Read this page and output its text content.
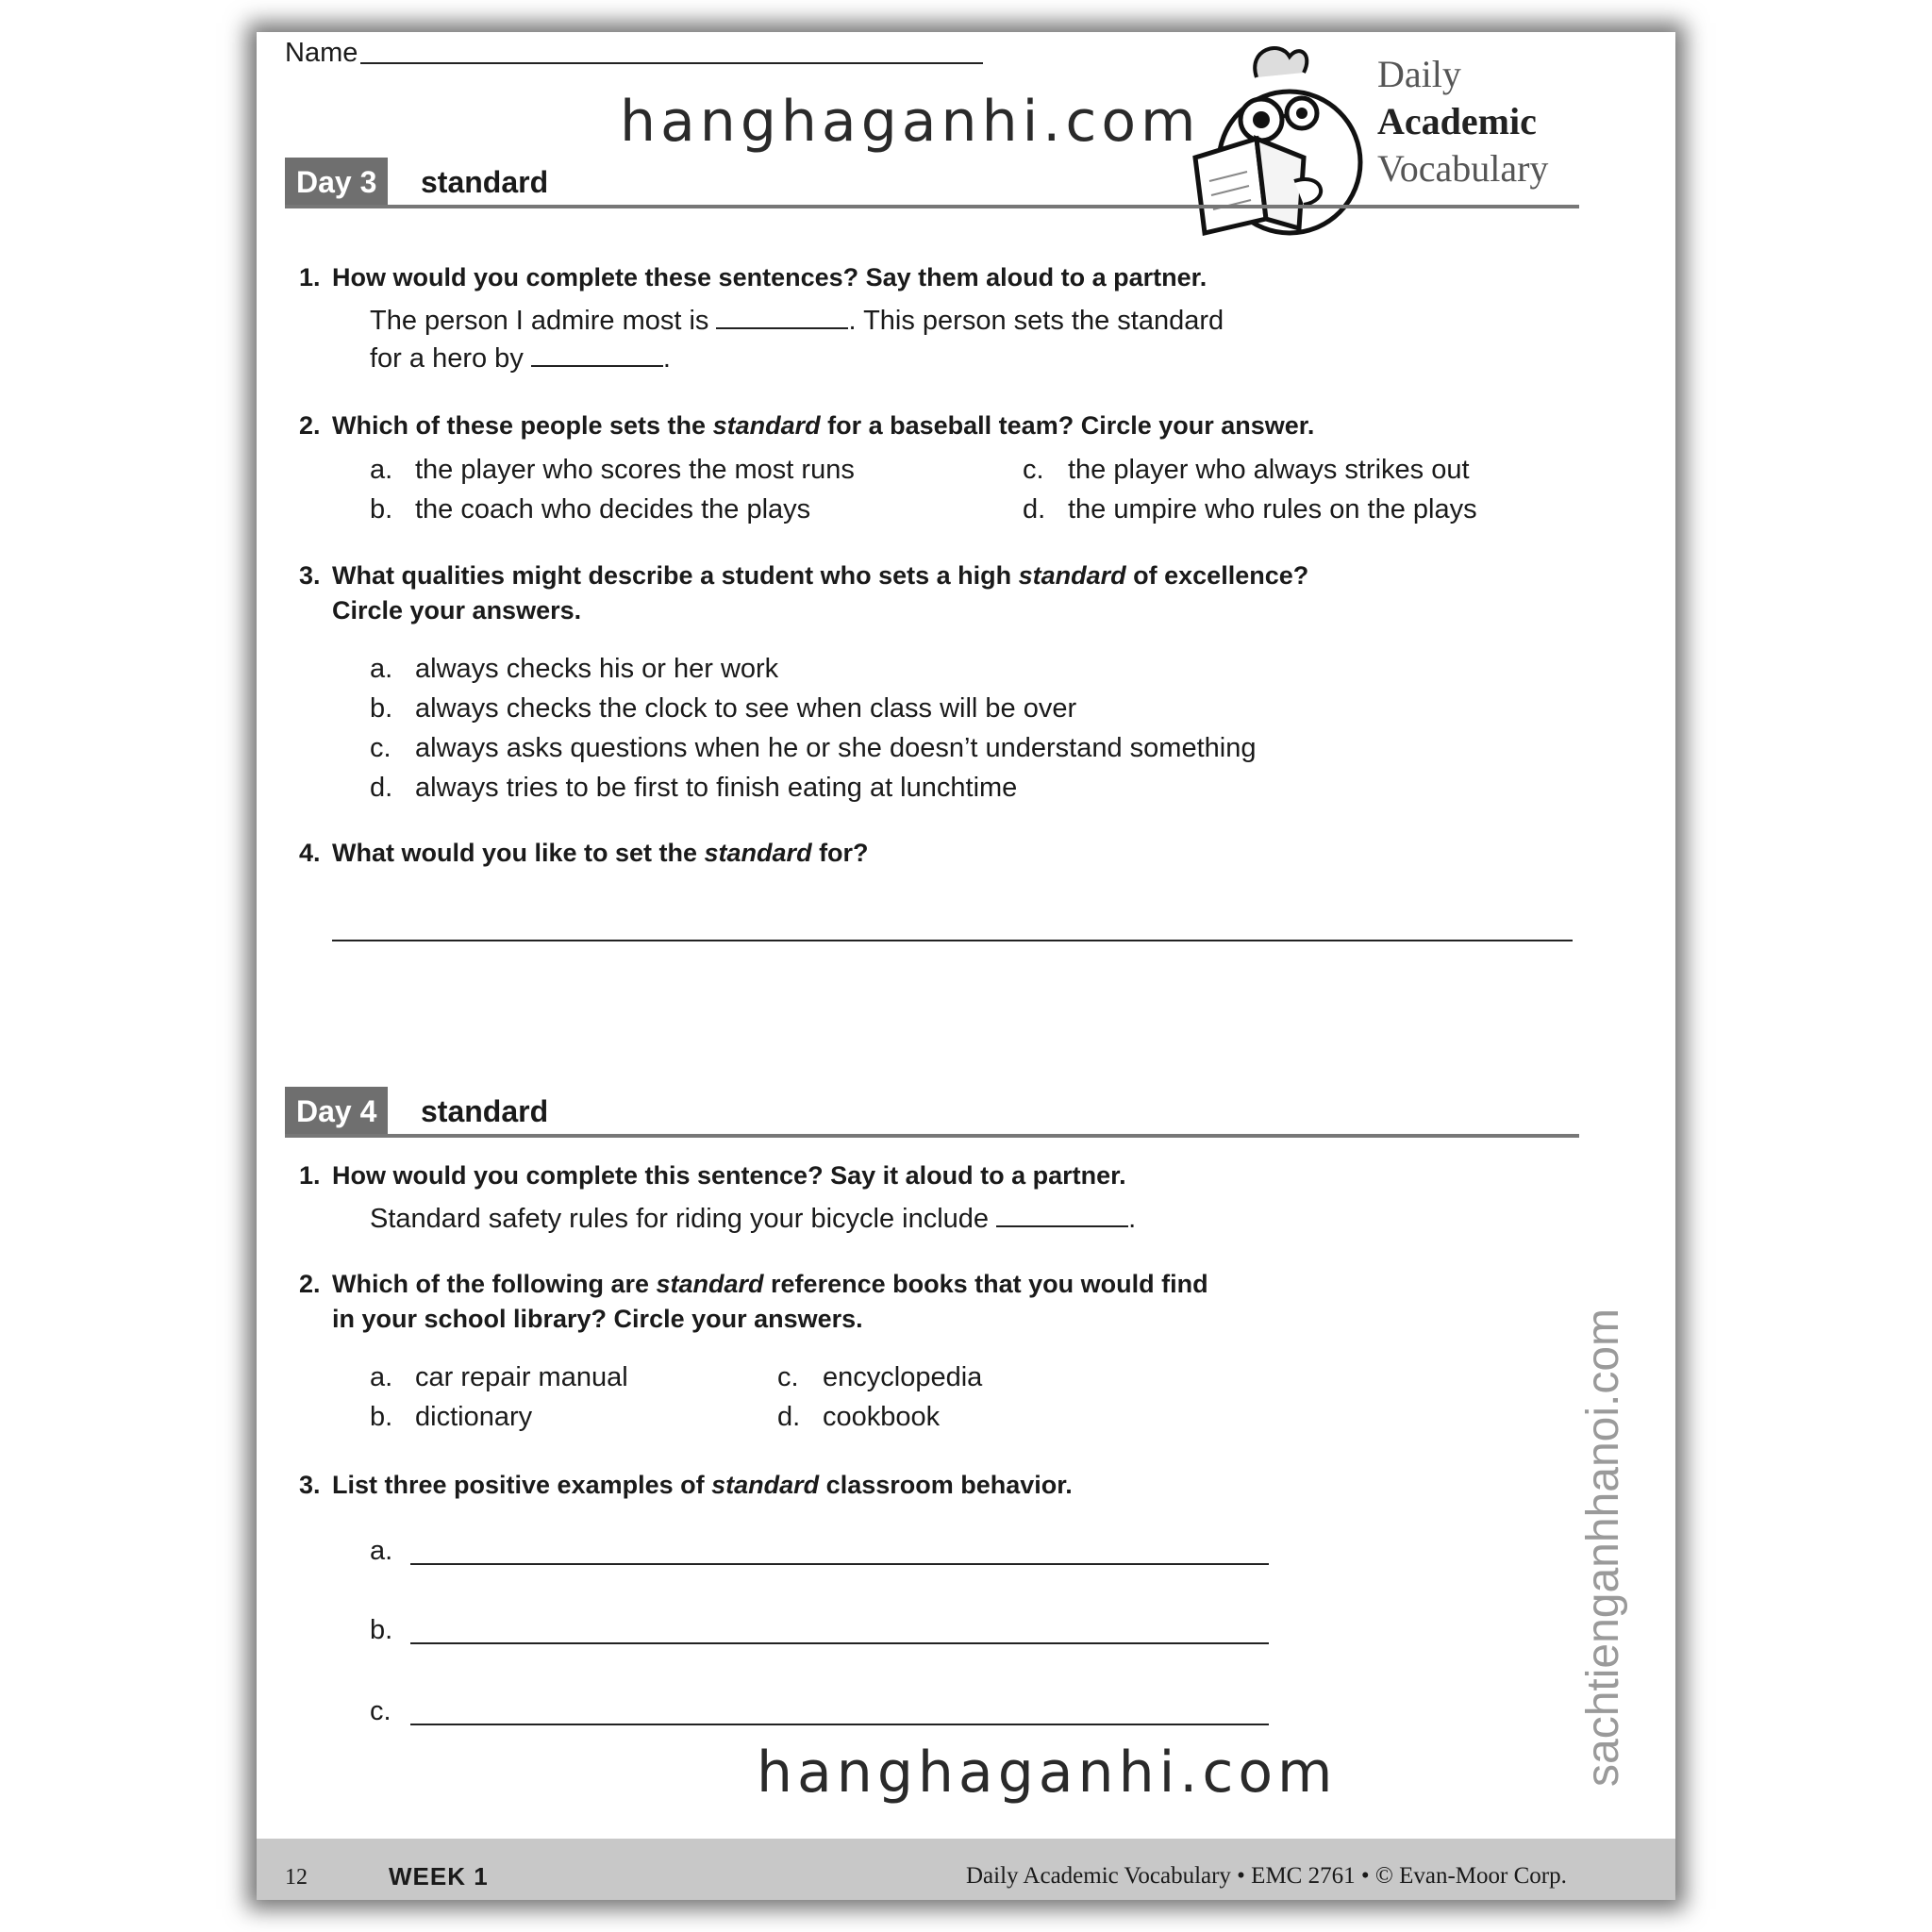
Name
hanghaganhi.com
Daily
Academic
Vocabulary
Day 3	standard
1. How would you complete these sentences? Say them aloud to a partner.
The person I admire most is	. This person sets the standard
for a hero by	.
2. Which of these people sets the standard for a baseball team? Circle your answer.
a. the player who scores the most runs
b. the coach who decides the plays
c. the player who always strikes out
d. the umpire who rules on the plays
3. What qualities might describe a student who sets a high standard of excellence?
Circle your answers.
a. always checks his or her work
b. always checks the clock to see when class will be over
c. always asks questions when he or she doesn’t understand something
d. always tries to be first to finish eating at lunchtime
4. What would you like to set the standard for?
Day 4	standard
1. How would you complete this sentence? Say it aloud to a partner.
Standard safety rules for riding your bicycle include	.
2. Which of the following are standard reference books that you would find
in your school library? Circle your answers.
a. car repair manual
b. dictionary
c. encyclopedia
d. cookbook
3. List three positive examples of standard classroom behavior.
a.
b.
c.
hanghaganhi.com	sachtienganhhanoi.com
12	WEEK 1	Daily Academic Vocabulary • EMC 2761 • © Evan-Moor Corp.
